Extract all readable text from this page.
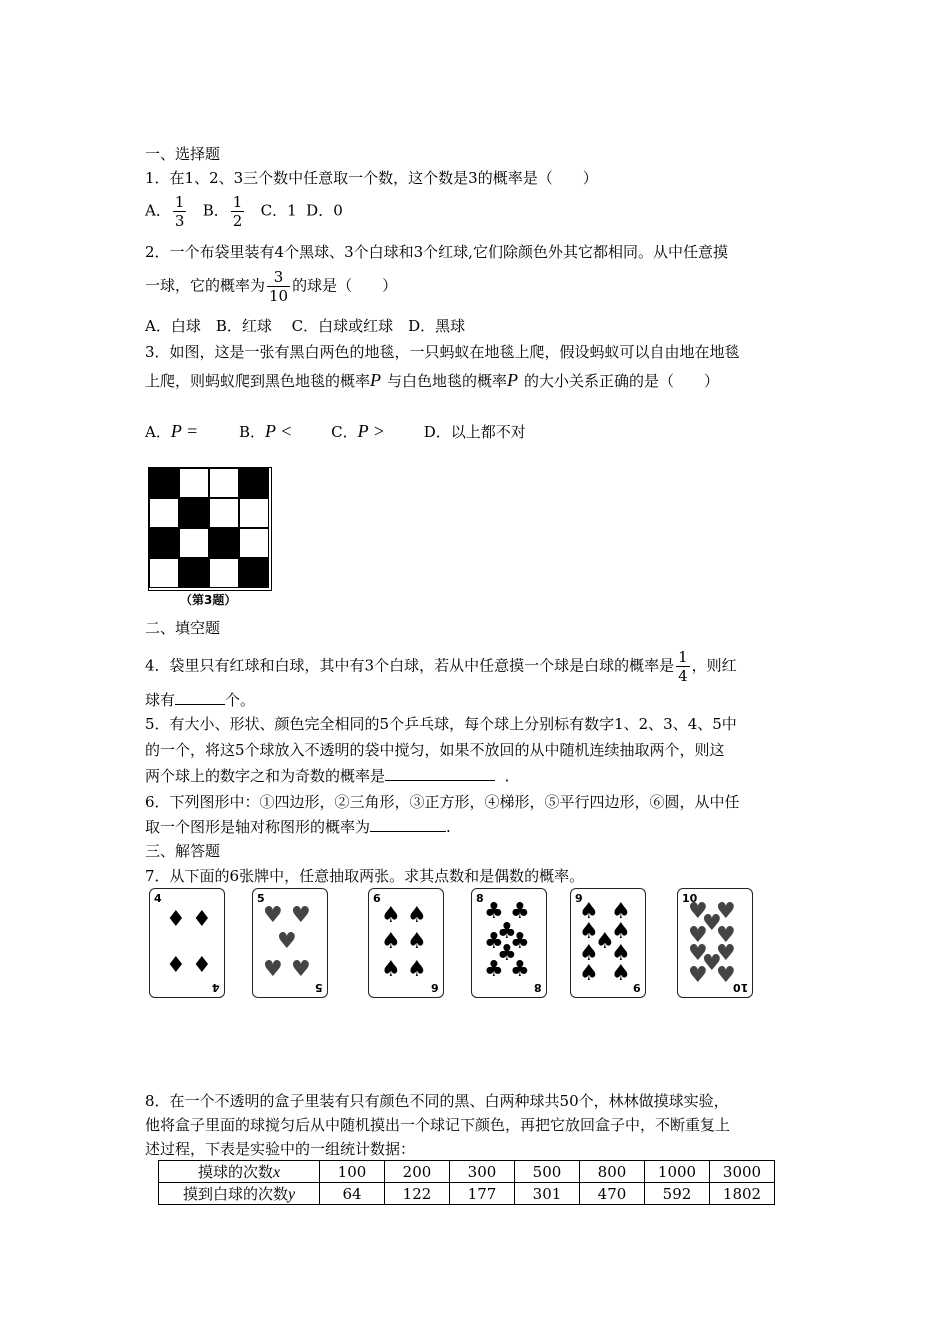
一、选择题
1．在1、2、3三个数中任意取一个数，这个数是3的概率是（　　）
A． $\frac{1}{3}$ B． $\frac{1}{2}$ C．1 D．0
2．一个布袋里装有4个黑球、3个白球和3个红球,它们除颜色外其它都相同。从中任意摸
一球，它的概率为 $\frac{3}{10}$ 的球是（　　）
A．白球　B．红球　 C．白球或红球　D．黑球
3．如图，这是一张有黑白两色的地毯，一只蚂蚁在地毯上爬，假设蚂蚁可以自由地在地毯
上爬，则蚂蚁爬到黑色地毯的概率P 与白色地毯的概率P 的大小关系正确的是（　　）
A．P =	B．P <	C．P >	D．以上都不对
（第3题）
二、填空题
4．袋里只有红球和白球，其中有3个白球，若从中任意摸一个球是白球的概率是 $\frac{1}{4}$ ，则红
球有	个。
5．有大小、形状、颜色完全相同的5个乒乓球，每个球上分别标有数字1、2、3、4、5中
的一个，将这5个球放入不透明的袋中搅匀，如果不放回的从中随机连续抽取两个，则这
两个球上的数字之和为奇数的概率是	．
6．下列图形中：①四边形，②三角形，③正方形，④梯形，⑤平行四边形，⑥圆，从中任
取一个图形是轴对称图形的概率为	.
三、解答题
7．从下面的6张牌中，任意抽取两张。求其点数和是偶数的概率。
4
4
♦ ♦
♦ ♦
5
5
♥ ♥
♥
♥ ♥
6
6
♠ ♠
♠ ♠
♠ ♠
8
8
♣ ♣
♣
♣ ♣
♣
♣ ♣
9
9
♠ ♠
♠ ♠
♠
♠ ♠
♠ ♠
10
10
♥ ♥
♥
♥ ♥
♥ ♥
♥
♥ ♥
8．在一个不透明的盒子里装有只有颜色不同的黑、白两种球共50个，林林做摸球实验，
他将盒子里面的球搅匀后从中随机摸出一个球记下颜色，再把它放回盒子中，不断重复上
述过程，下表是实验中的一组统计数据：
摸球的次数x	100	200	300	500	800	1000	3000
摸到白球的次数y	64	122	177	301	470	592	1802
